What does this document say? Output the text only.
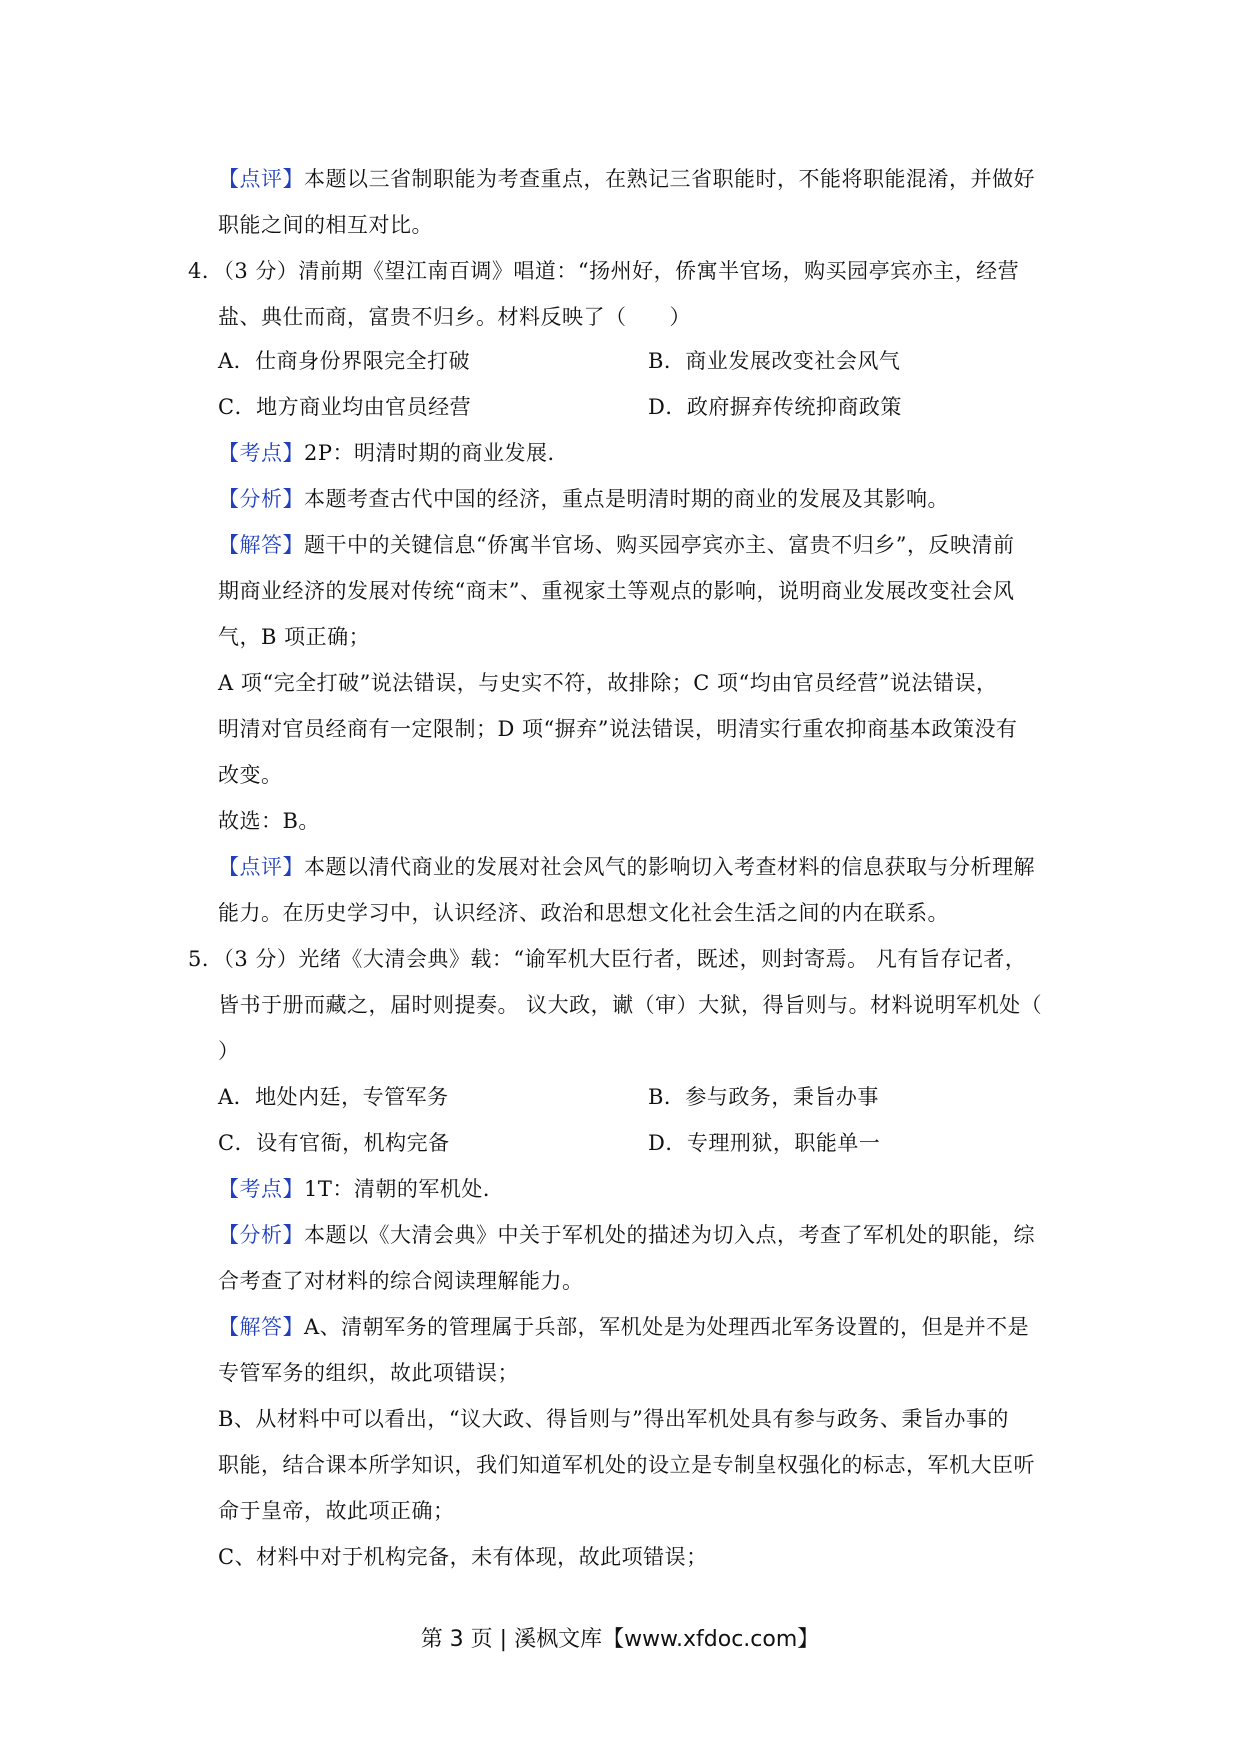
【点评】本题以三省制职能为考查重点，在熟记三省职能时，不能将职能混淆，并做好
职能之间的相互对比。
4．（3 分）清前期《望江南百调》唱道：“扬州好，侨寓半官场，购买园亭宾亦主，经营
盐、典仕而商，富贵不归乡。材料反映了（　　）
A．仕商身份界限完全打破	B．商业发展改变社会风气
C．地方商业均由官员经营	D．政府摒弃传统抑商政策
【考点】2P：明清时期的商业发展．
【分析】本题考查古代中国的经济，重点是明清时期的商业的发展及其影响。
【解答】题干中的关键信息“侨寓半官场、购买园亭宾亦主、富贵不归乡”，反映清前
期商业经济的发展对传统“商末”、重视家土等观点的影响，说明商业发展改变社会风
气，B 项正确；
A 项“完全打破”说法错误，与史实不符，故排除；C 项“均由官员经营”说法错误，
明清对官员经商有一定限制；D 项“摒弃”说法错误，明清实行重农抑商基本政策没有
改变。
故选：B。
【点评】本题以清代商业的发展对社会风气的影响切入考查材料的信息获取与分析理解
能力。在历史学习中，认识经济、政治和思想文化社会生活之间的内在联系。
5．（3 分）光绪《大清会典》载：“谕军机大臣行者，既述，则封寄焉。 凡有旨存记者，
皆书于册而藏之，届时则提奏。 议大政，谳（审）大狱，得旨则与。材料说明军机处（
）
A．地处内廷，专管军务	B．参与政务，秉旨办事
C．设有官衙，机构完备	D．专理刑狱，职能单一
【考点】1T：清朝的军机处．
【分析】本题以《大清会典》中关于军机处的描述为切入点，考查了军机处的职能，综
合考查了对材料的综合阅读理解能力。
【解答】A、清朝军务的管理属于兵部，军机处是为处理西北军务设置的，但是并不是
专管军务的组织，故此项错误；
B、从材料中可以看出，“议大政、得旨则与”得出军机处具有参与政务、秉旨办事的
职能，结合课本所学知识，我们知道军机处的设立是专制皇权强化的标志，军机大臣听
命于皇帝，故此项正确；
C、材料中对于机构完备，未有体现，故此项错误；
第 3 页 | 溪枫文库【www.xfdoc.com】
